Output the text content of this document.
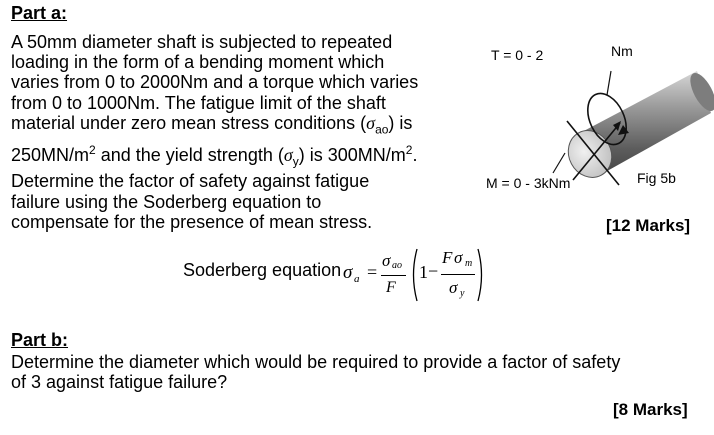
Part a:
A 50mm diameter shaft is subjected to repeated
loading in the form of a bending moment which
varies from 0 to 2000Nm and a torque which varies
from 0 to 1000Nm. The fatigue limit of the shaft
material under zero mean stress conditions $(\sigma_{ao})$ is
$250MN/m^2$ and the yield strength $(\sigma_y)$ is $300MN/m^2$.
Determine the factor of safety against fatigue
failure using the Soderberg equation to
compensate for the presence of mean stress.
T = 0 - 2	Nm
M = 0 - 3kNm	Fig 5b
[12 Marks]
Soderberg equation σ a =
σ ao
F
1 −
F σ m
σ y
Part b:
Determine the diameter which would be required to provide a factor of safety
of 3 against fatigue failure?
[8 Marks]
